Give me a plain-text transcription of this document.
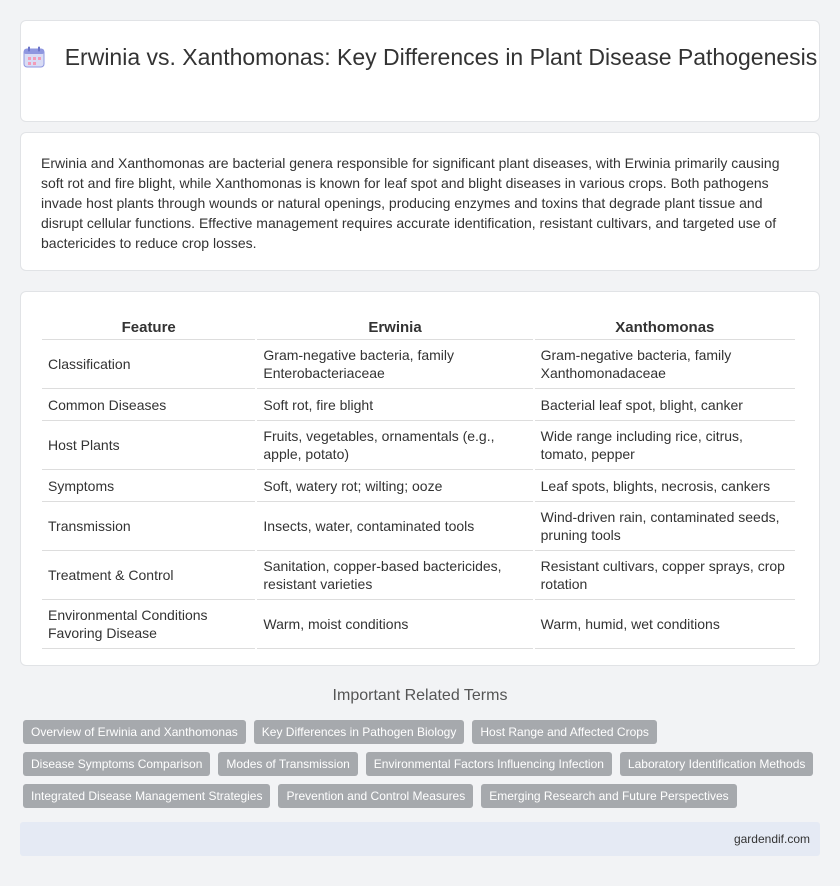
Erwinia vs. Xanthomonas: Key Differences in Plant Disease Pathogenesis

Erwinia and Xanthomonas are bacterial genera responsible for significant plant diseases, with Erwinia primarily causing soft rot and fire blight, while Xanthomonas is known for leaf spot and blight diseases in various crops. Both pathogens invade host plants through wounds or natural openings, producing enzymes and toxins that degrade plant tissue and disrupt cellular functions. Effective management requires accurate identification, resistant cultivars, and targeted use of bactericides to reduce crop losses.

Feature	Erwinia	Xanthomonas
Classification	Gram-negative bacteria, family Enterobacteriaceae	Gram-negative bacteria, family Xanthomonadaceae
Common Diseases	Soft rot, fire blight	Bacterial leaf spot, blight, canker
Host Plants	Fruits, vegetables, ornamentals (e.g., apple, potato)	Wide range including rice, citrus, tomato, pepper
Symptoms	Soft, watery rot; wilting; ooze	Leaf spots, blights, necrosis, cankers
Transmission	Insects, water, contaminated tools	Wind-driven rain, contaminated seeds, pruning tools
Treatment & Control	Sanitation, copper-based bactericides, resistant varieties	Resistant cultivars, copper sprays, crop rotation
Environmental Conditions Favoring Disease	Warm, moist conditions	Warm, humid, wet conditions
Important Related Terms
Overview of Erwinia and Xanthomonas	Key Differences in Pathogen Biology	Host Range and Affected Crops
Disease Symptoms Comparison	Modes of Transmission	Environmental Factors Influencing Infection	Laboratory Identification Methods
Integrated Disease Management Strategies	Prevention and Control Measures	Emerging Research and Future Perspectives
gardendif.com
